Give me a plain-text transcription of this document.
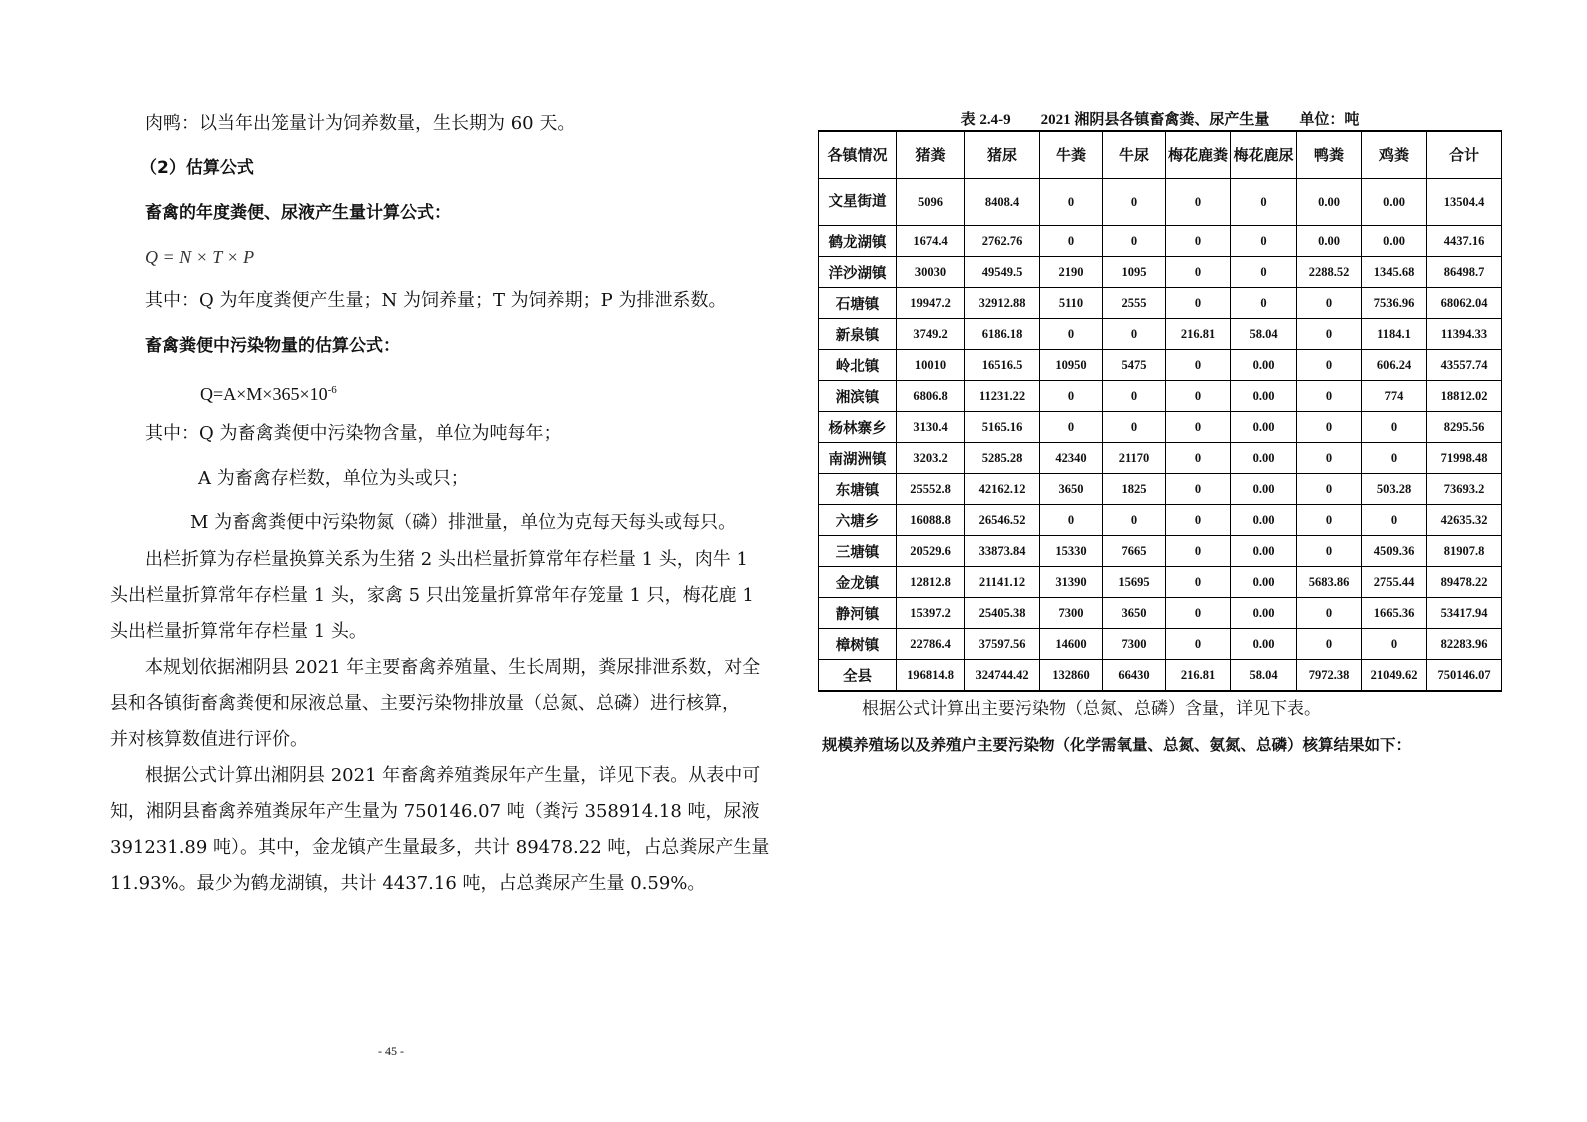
肉鸭：以当年出笼量计为饲养数量，生长期为 60 天。
（2）估算公式
畜禽的年度粪便、尿液产生量计算公式：
Q = N × T × P
其中：Q 为年度粪便产生量；N 为饲养量；T 为饲养期；P 为排泄系数。
畜禽粪便中污染物量的估算公式：
$Q=A\times M\times 365\times 10^{-6}$
其中：Q 为畜禽粪便中污染物含量，单位为吨每年；
A 为畜禽存栏数，单位为头或只；
M 为畜禽粪便中污染物氮（磷）排泄量，单位为克每天每头或每只。
出栏折算为存栏量换算关系为生猪 2 头出栏量折算常年存栏量 1 头，肉牛 1
头出栏量折算常年存栏量 1 头，家禽 5 只出笼量折算常年存笼量 1 只，梅花鹿 1
头出栏量折算常年存栏量 1 头。
本规划依据湘阴县 2021 年主要畜禽养殖量、生长周期，粪尿排泄系数，对全
县和各镇街畜禽粪便和尿液总量、主要污染物排放量（总氮、总磷）进行核算，
并对核算数值进行评价。
根据公式计算出湘阴县 2021 年畜禽养殖粪尿年产生量，详见下表。从表中可
知，湘阴县畜禽养殖粪尿年产生量为 750146.07 吨（粪污 358914.18 吨，尿液
391231.89 吨）。其中，金龙镇产生量最多，共计 89478.22 吨，占总粪尿产生量
11.93%。最少为鹤龙湖镇，共计 4437.16 吨，占总粪尿产生量 0.59%。
- 45 -
表 2.4-9        2021 湘阴县各镇畜禽粪、尿产生量        单位：吨
各镇情况	猪粪	猪尿	牛粪	牛尿	梅花鹿粪	梅花鹿尿	鸭粪	鸡粪	合计
文星街道	5096	8408.4	0	0	0	0	0.00	0.00	13504.4
鹤龙湖镇	1674.4	2762.76	0	0	0	0	0.00	0.00	4437.16
洋沙湖镇	30030	49549.5	2190	1095	0	0	2288.52	1345.68	86498.7
石塘镇	19947.2	32912.88	5110	2555	0	0	0	7536.96	68062.04
新泉镇	3749.2	6186.18	0	0	216.81	58.04	0	1184.1	11394.33
岭北镇	10010	16516.5	10950	5475	0	0.00	0	606.24	43557.74
湘滨镇	6806.8	11231.22	0	0	0	0.00	0	774	18812.02
杨林寨乡	3130.4	5165.16	0	0	0	0.00	0	0	8295.56
南湖洲镇	3203.2	5285.28	42340	21170	0	0.00	0	0	71998.48
东塘镇	25552.8	42162.12	3650	1825	0	0.00	0	503.28	73693.2
六塘乡	16088.8	26546.52	0	0	0	0.00	0	0	42635.32
三塘镇	20529.6	33873.84	15330	7665	0	0.00	0	4509.36	81907.8
金龙镇	12812.8	21141.12	31390	15695	0	0.00	5683.86	2755.44	89478.22
静河镇	15397.2	25405.38	7300	3650	0	0.00	0	1665.36	53417.94
樟树镇	22786.4	37597.56	14600	7300	0	0.00	0	0	82283.96
全县	196814.8	324744.42	132860	66430	216.81	58.04	7972.38	21049.62	750146.07
根据公式计算出主要污染物（总氮、总磷）含量，详见下表。
规模养殖场以及养殖户主要污染物（化学需氧量、总氮、氨氮、总磷）核算结果如下：
